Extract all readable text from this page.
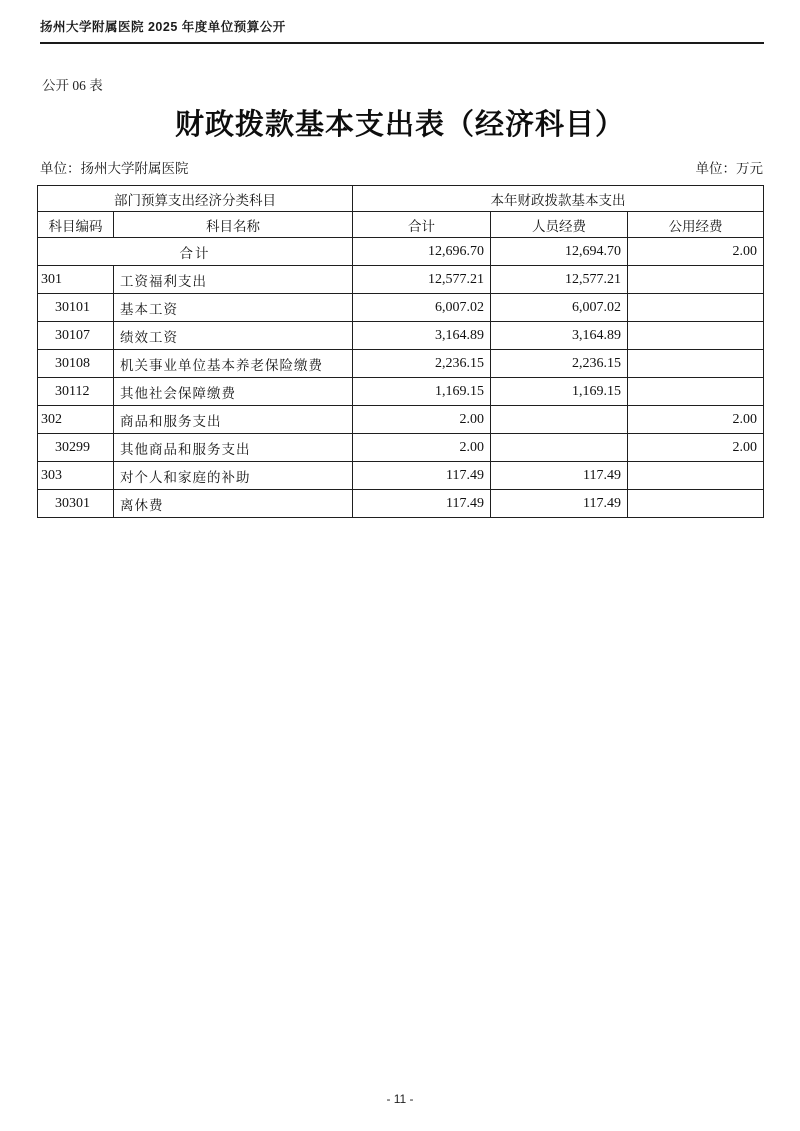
扬州大学附属医院 2025 年度单位预算公开
公开 06 表
财政拨款基本支出表（经济科目）
单位：扬州大学附属医院	单位：万元
部门预算支出经济分类科目		本年财政拨款基本支出		
科目编码	科目名称	合计	人员经费	公用经费
合计		12,696.70	12,694.70	2.00
301	工资福利支出	12,577.21	12,577.21	
30101	基本工资	6,007.02	6,007.02	
30107	绩效工资	3,164.89	3,164.89	
30108	机关事业单位基本养老保险缴费	2,236.15	2,236.15	
30112	其他社会保障缴费	1,169.15	1,169.15	
302	商品和服务支出	2.00		2.00
30299	其他商品和服务支出	2.00		2.00
303	对个人和家庭的补助	117.49	117.49	
30301	离休费	117.49	117.49	
- 11 -
